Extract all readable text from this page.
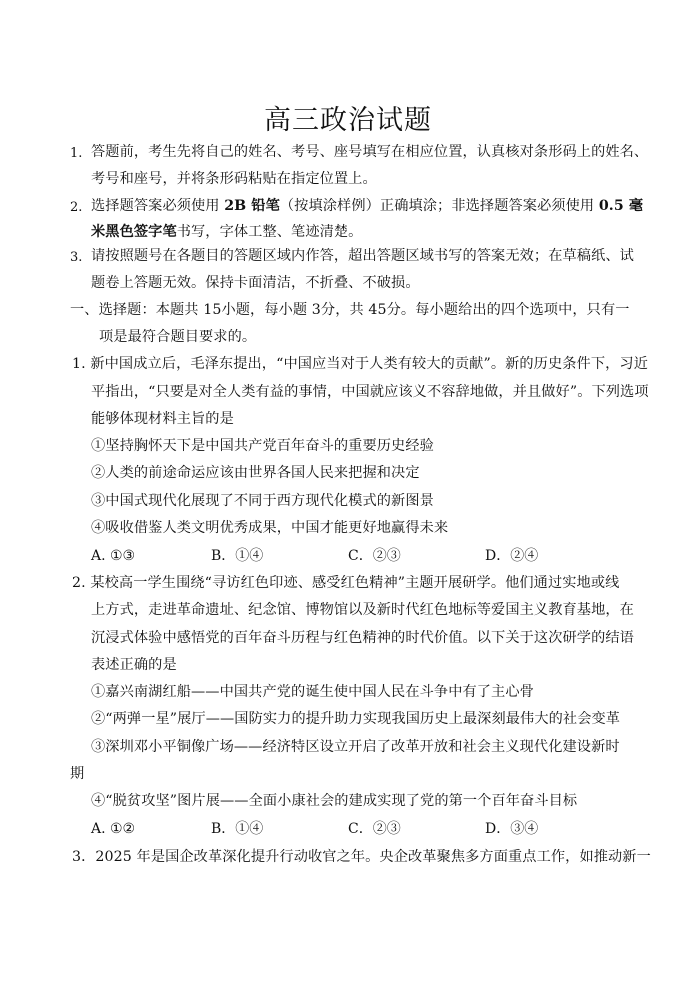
高三政治试题
1. 答题前，考生先将自己的姓名、考号、座号填写在相应位置，认真核对条形码上的姓名、
考号和座号，并将条形码粘贴在指定位置上。
2. 选择题答案必须使用 2B 铅笔（按填涂样例）正确填涂；非选择题答案必须使用 0.5 毫
米黑色签字笔书写，字体工整、笔迹清楚。
3. 请按照题号在各题目的答题区域内作答，超出答题区域书写的答案无效；在草稿纸、试
题卷上答题无效。保持卡面清洁，不折叠、不破损。
一、选择题：本题共 15小题，每小题 3分，共 45分。每小题给出的四个选项中，只有一
项是最符合题目要求的。
1. 新中国成立后，毛泽东提出，“中国应当对于人类有较大的贡献”。新的历史条件下，习近
平指出，“只要是对全人类有益的事情，中国就应该义不容辞地做，并且做好”。下列选项
能够体现材料主旨的是
①坚持胸怀天下是中国共产党百年奋斗的重要历史经验
②人类的前途命运应该由世界各国人民来把握和决定
③中国式现代化展现了不同于西方现代化模式的新图景
④吸收借鉴人类文明优秀成果，中国才能更好地赢得未来
A. ①③	B．①④	C．②③	D．②④
2. 某校高一学生围绕“寻访红色印迹、感受红色精神”主题开展研学。他们通过实地或线
上方式，走进革命遗址、纪念馆、博物馆以及新时代红色地标等爱国主义教育基地，在
沉浸式体验中感悟党的百年奋斗历程与红色精神的时代价值。以下关于这次研学的结语
表述正确的是
①嘉兴南湖红船——中国共产党的诞生使中国人民在斗争中有了主心骨
②“两弹一星”展厅——国防实力的提升助力实现我国历史上最深刻最伟大的社会变革
③深圳邓小平铜像广场——经济特区设立开启了改革开放和社会主义现代化建设新时
期
④“脱贫攻坚”图片展——全面小康社会的建成实现了党的第一个百年奋斗目标
A. ①②	B．①④	C．②③	D．③④
3．2025 年是国企改革深化提升行动收官之年。央企改革聚焦多方面重点工作，如推动新一
